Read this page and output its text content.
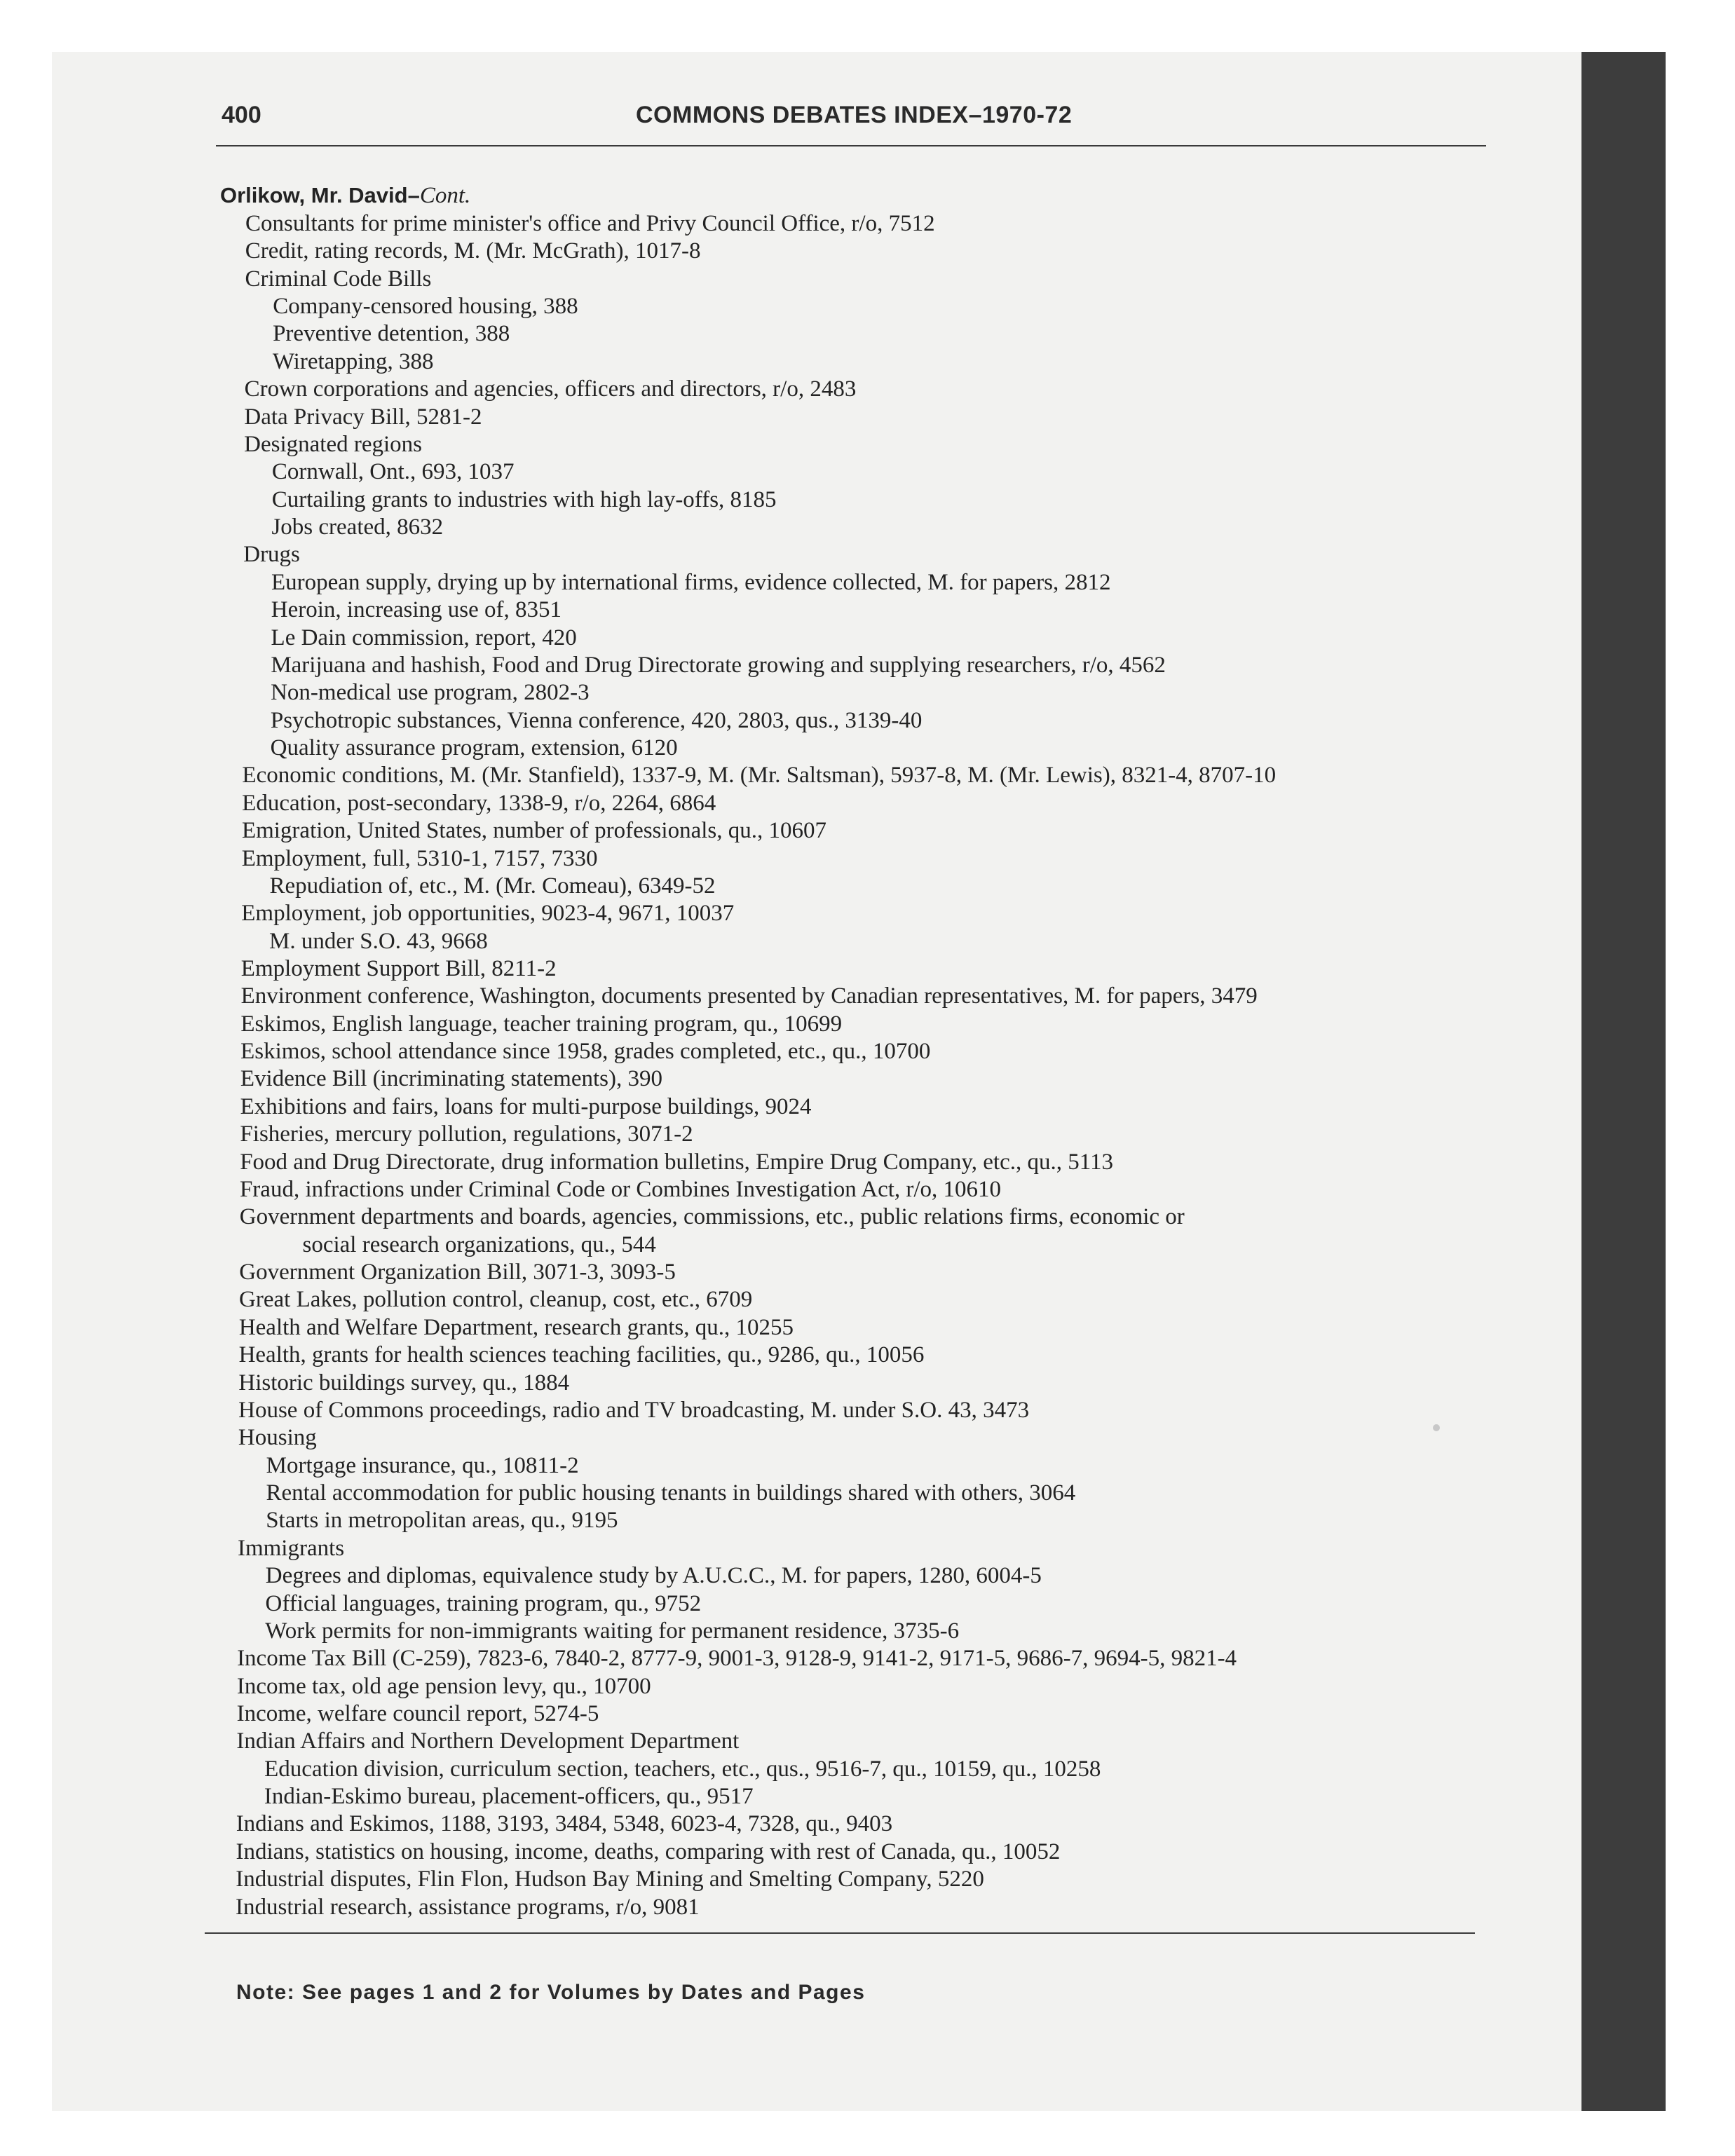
400	COMMONS DEBATES INDEX–1970-72
Orlikow, Mr. David–Cont.
Consultants for prime minister's office and Privy Council Office, r/o, 7512
Credit, rating records, M. (Mr. McGrath), 1017-8
Criminal Code Bills
Company-censored housing, 388
Preventive detention, 388
Wiretapping, 388
Crown corporations and agencies, officers and directors, r/o, 2483
Data Privacy Bill, 5281-2
Designated regions
Cornwall, Ont., 693, 1037
Curtailing grants to industries with high lay-offs, 8185
Jobs created, 8632
Drugs
European supply, drying up by international firms, evidence collected, M. for papers, 2812
Heroin, increasing use of, 8351
Le Dain commission, report, 420
Marijuana and hashish, Food and Drug Directorate growing and supplying researchers, r/o, 4562
Non-medical use program, 2802-3
Psychotropic substances, Vienna conference, 420, 2803, qus., 3139-40
Quality assurance program, extension, 6120
Economic conditions, M. (Mr. Stanfield), 1337-9, M. (Mr. Saltsman), 5937-8, M. (Mr. Lewis), 8321-4, 8707-10
Education, post-secondary, 1338-9, r/o, 2264, 6864
Emigration, United States, number of professionals, qu., 10607
Employment, full, 5310-1, 7157, 7330
Repudiation of, etc., M. (Mr. Comeau), 6349-52
Employment, job opportunities, 9023-4, 9671, 10037
M. under S.O. 43, 9668
Employment Support Bill, 8211-2
Environment conference, Washington, documents presented by Canadian representatives, M. for papers, 3479
Eskimos, English language, teacher training program, qu., 10699
Eskimos, school attendance since 1958, grades completed, etc., qu., 10700
Evidence Bill (incriminating statements), 390
Exhibitions and fairs, loans for multi-purpose buildings, 9024
Fisheries, mercury pollution, regulations, 3071-2
Food and Drug Directorate, drug information bulletins, Empire Drug Company, etc., qu., 5113
Fraud, infractions under Criminal Code or Combines Investigation Act, r/o, 10610
Government departments and boards, agencies, commissions, etc., public relations firms, economic or
social research organizations, qu., 544
Government Organization Bill, 3071-3, 3093-5
Great Lakes, pollution control, cleanup, cost, etc., 6709
Health and Welfare Department, research grants, qu., 10255
Health, grants for health sciences teaching facilities, qu., 9286, qu., 10056
Historic buildings survey, qu., 1884
House of Commons proceedings, radio and TV broadcasting, M. under S.O. 43, 3473
Housing
Mortgage insurance, qu., 10811-2
Rental accommodation for public housing tenants in buildings shared with others, 3064
Starts in metropolitan areas, qu., 9195
Immigrants
Degrees and diplomas, equivalence study by A.U.C.C., M. for papers, 1280, 6004-5
Official languages, training program, qu., 9752
Work permits for non-immigrants waiting for permanent residence, 3735-6
Income Tax Bill (C-259), 7823-6, 7840-2, 8777-9, 9001-3, 9128-9, 9141-2, 9171-5, 9686-7, 9694-5, 9821-4
Income tax, old age pension levy, qu., 10700
Income, welfare council report, 5274-5
Indian Affairs and Northern Development Department
Education division, curriculum section, teachers, etc., qus., 9516-7, qu., 10159, qu., 10258
Indian-Eskimo bureau, placement-officers, qu., 9517
Indians and Eskimos, 1188, 3193, 3484, 5348, 6023-4, 7328, qu., 9403
Indians, statistics on housing, income, deaths, comparing with rest of Canada, qu., 10052
Industrial disputes, Flin Flon, Hudson Bay Mining and Smelting Company, 5220
Industrial research, assistance programs, r/o, 9081
Note: See pages 1 and 2 for Volumes by Dates and Pages
